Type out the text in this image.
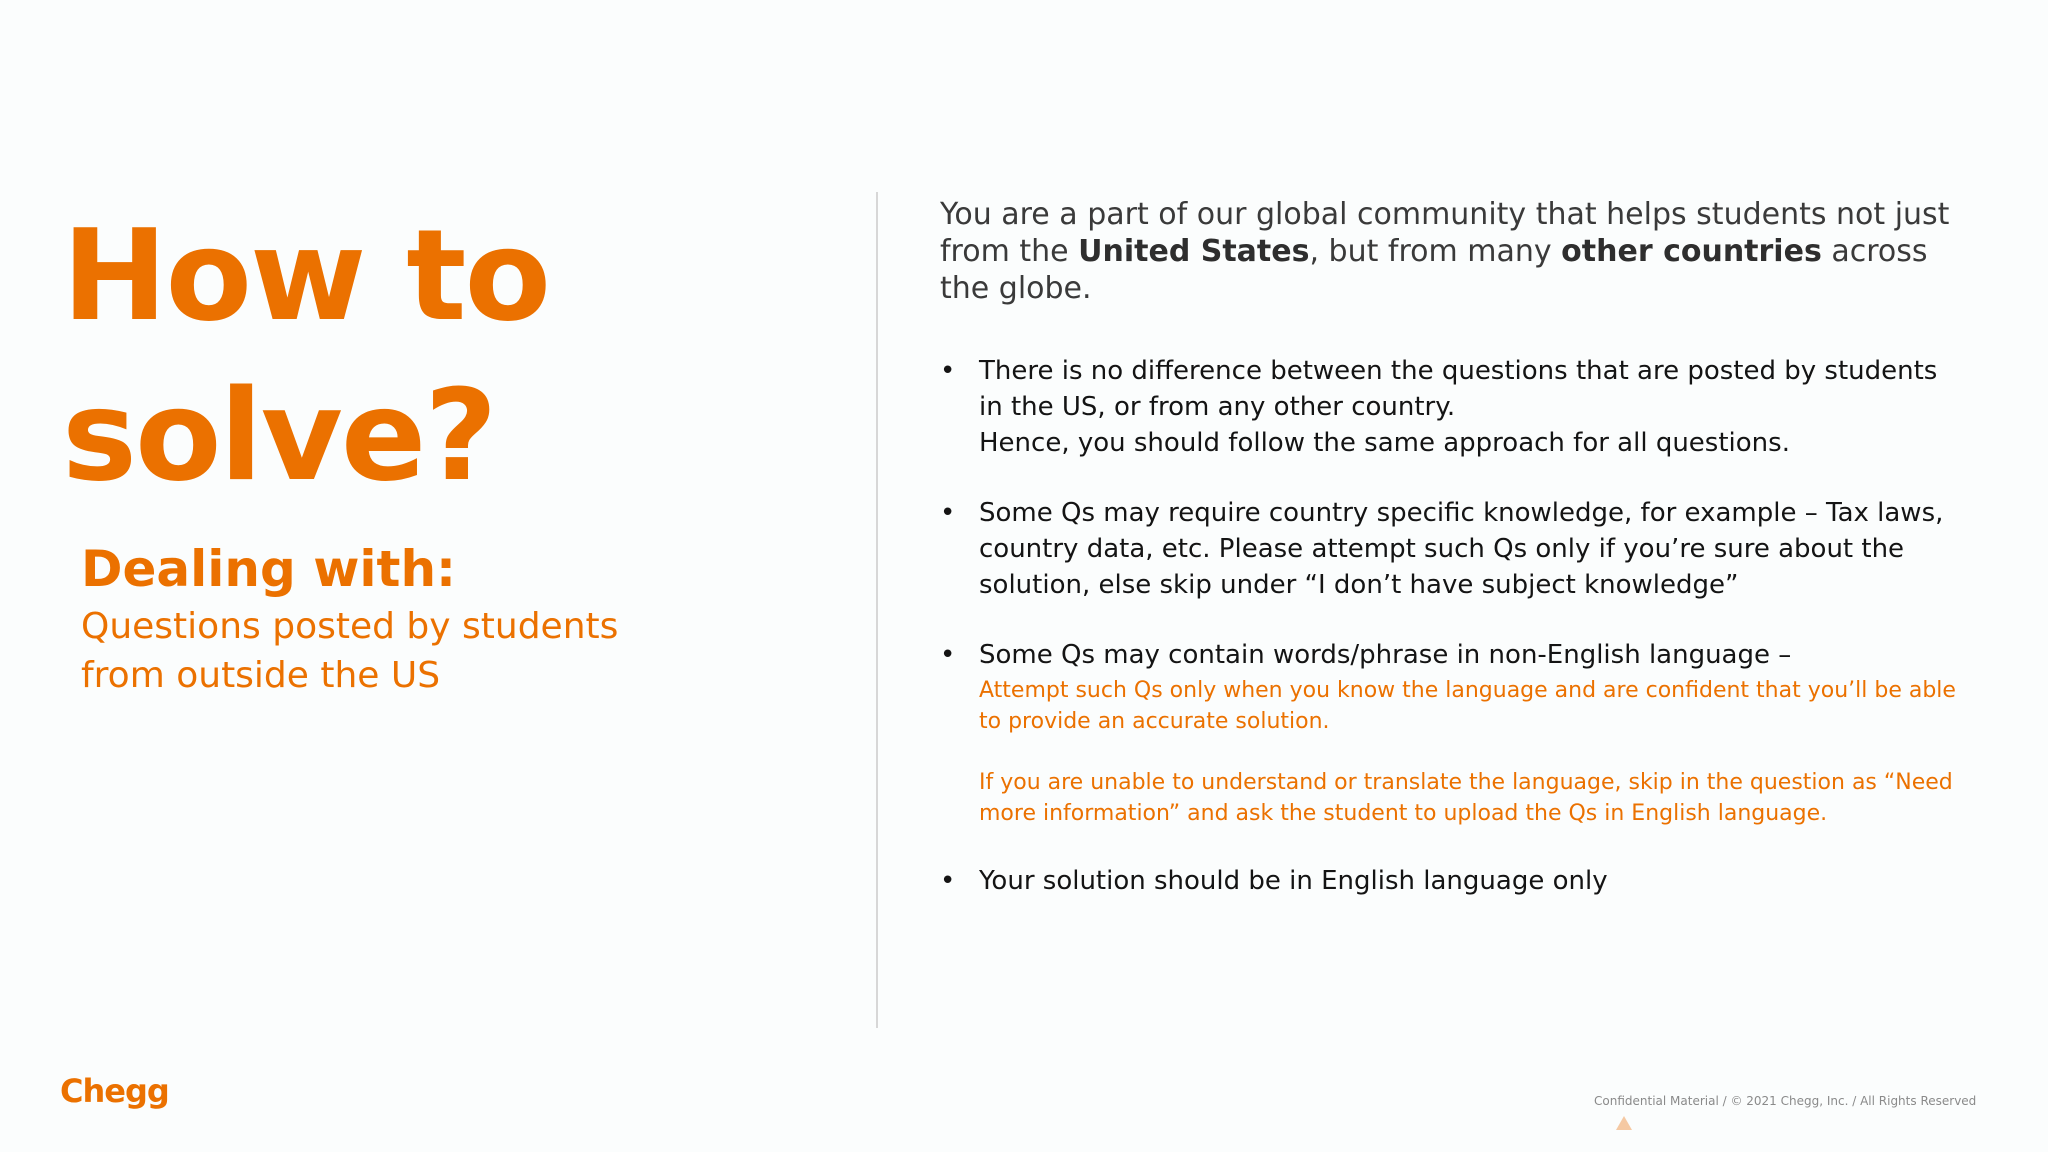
How to
solve?
Dealing with:

Questions posted by students from outside the US

You are a part of our global community that helps students not just from the United States, but from many other countries across the globe.

• There is no difference between the questions that are posted by students in the US, or from any other country.
Hence, you should follow the same approach for all questions.
• Some Qs may require country specific knowledge, for example – Tax laws, country data, etc. Please attempt such Qs only if you’re sure about the solution, else skip under “I don’t have subject knowledge”
• Some Qs may contain words/phrase in non-English language –
Attempt such Qs only when you know the language and are confident that you’ll be able to provide an accurate solution.
If you are unable to understand or translate the language, skip in the question as “Need more information” and ask the student to upload the Qs in English language.
• Your solution should be in English language only
Chegg	Confidential Material / © 2021 Chegg, Inc. / All Rights Reserved
